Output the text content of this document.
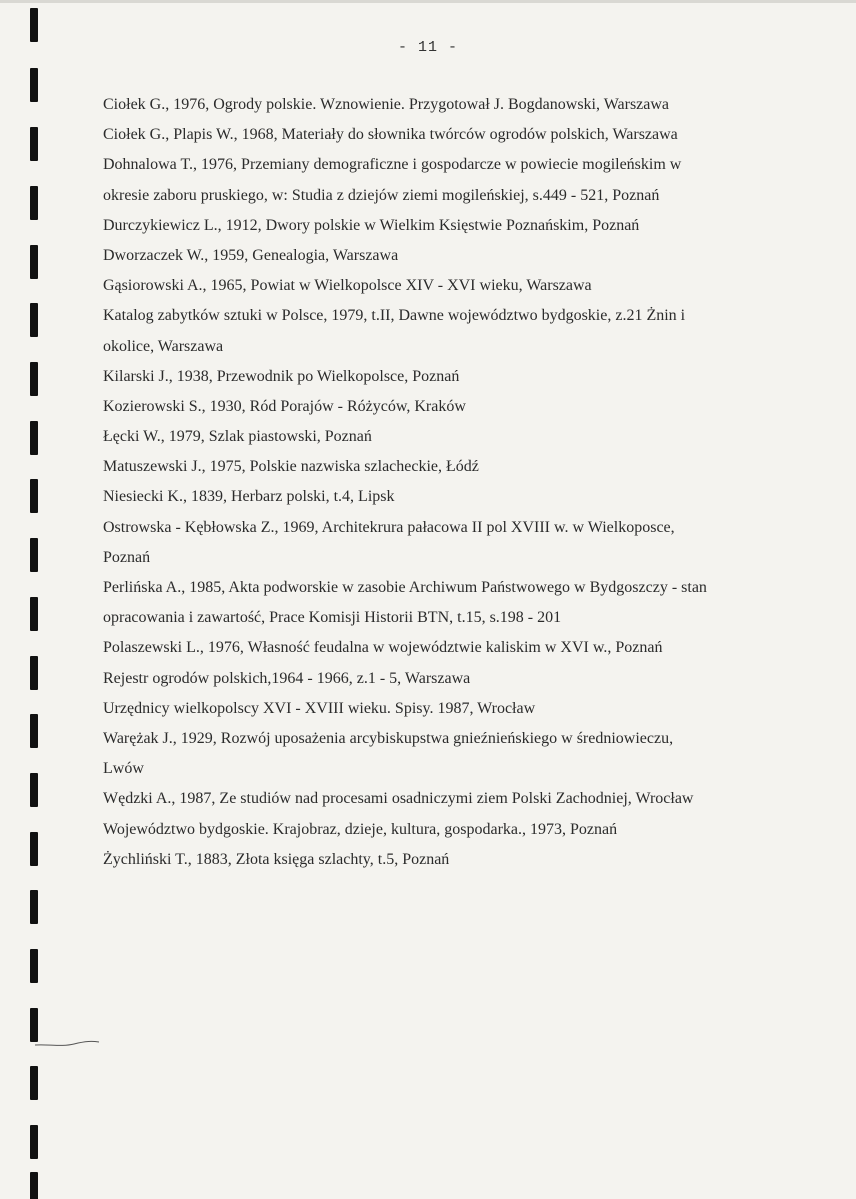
- 11 -
Ciołek G., 1976, Ogrody polskie. Wznowienie. Przygotował J. Bogdanowski, Warszawa
Ciołek G., Plapis W., 1968, Materiały do słownika twórców ogrodów polskich, Warszawa
Dohnalowa T., 1976, Przemiany demograficzne i gospodarcze w powiecie mogileńskim w
okresie zaboru pruskiego, w: Studia z dziejów ziemi mogileńskiej, s.449 - 521, Poznań
Durczykiewicz L., 1912, Dwory polskie w Wielkim Księstwie Poznańskim, Poznań
Dworzaczek W., 1959, Genealogia, Warszawa
Gąsiorowski A., 1965, Powiat w Wielkopolsce XIV - XVI wieku, Warszawa
Katalog zabytków sztuki w Polsce, 1979, t.II, Dawne województwo bydgoskie, z.21 Żnin i
okolice, Warszawa
Kilarski J., 1938, Przewodnik po Wielkopolsce, Poznań
Kozierowski S., 1930, Ród Porajów - Różyców, Kraków
Łęcki W., 1979, Szlak piastowski, Poznań
Matuszewski J., 1975, Polskie nazwiska szlacheckie, Łódź
Niesiecki K., 1839, Herbarz polski, t.4, Lipsk
Ostrowska - Kębłowska Z., 1969, Architekrura pałacowa II pol XVIII w. w Wielkoposce,
Poznań
Perlińska A., 1985, Akta podworskie w zasobie Archiwum Państwowego w Bydgoszczy - stan
opracowania i zawartość, Prace Komisji Historii BTN, t.15, s.198 - 201
Polaszewski L., 1976, Własność feudalna w województwie kaliskim w XVI w., Poznań
Rejestr ogrodów polskich,1964 - 1966, z.1 - 5, Warszawa
Urzędnicy wielkopolscy XVI - XVIII wieku. Spisy. 1987, Wrocław
Warężak J., 1929, Rozwój uposażenia arcybiskupstwa gnieźnieńskiego w średniowieczu,
Lwów
Wędzki A., 1987, Ze studiów nad procesami osadniczymi ziem Polski Zachodniej, Wrocław
Województwo bydgoskie. Krajobraz, dzieje, kultura, gospodarka., 1973, Poznań
Żychliński T., 1883, Złota księga szlachty, t.5, Poznań
